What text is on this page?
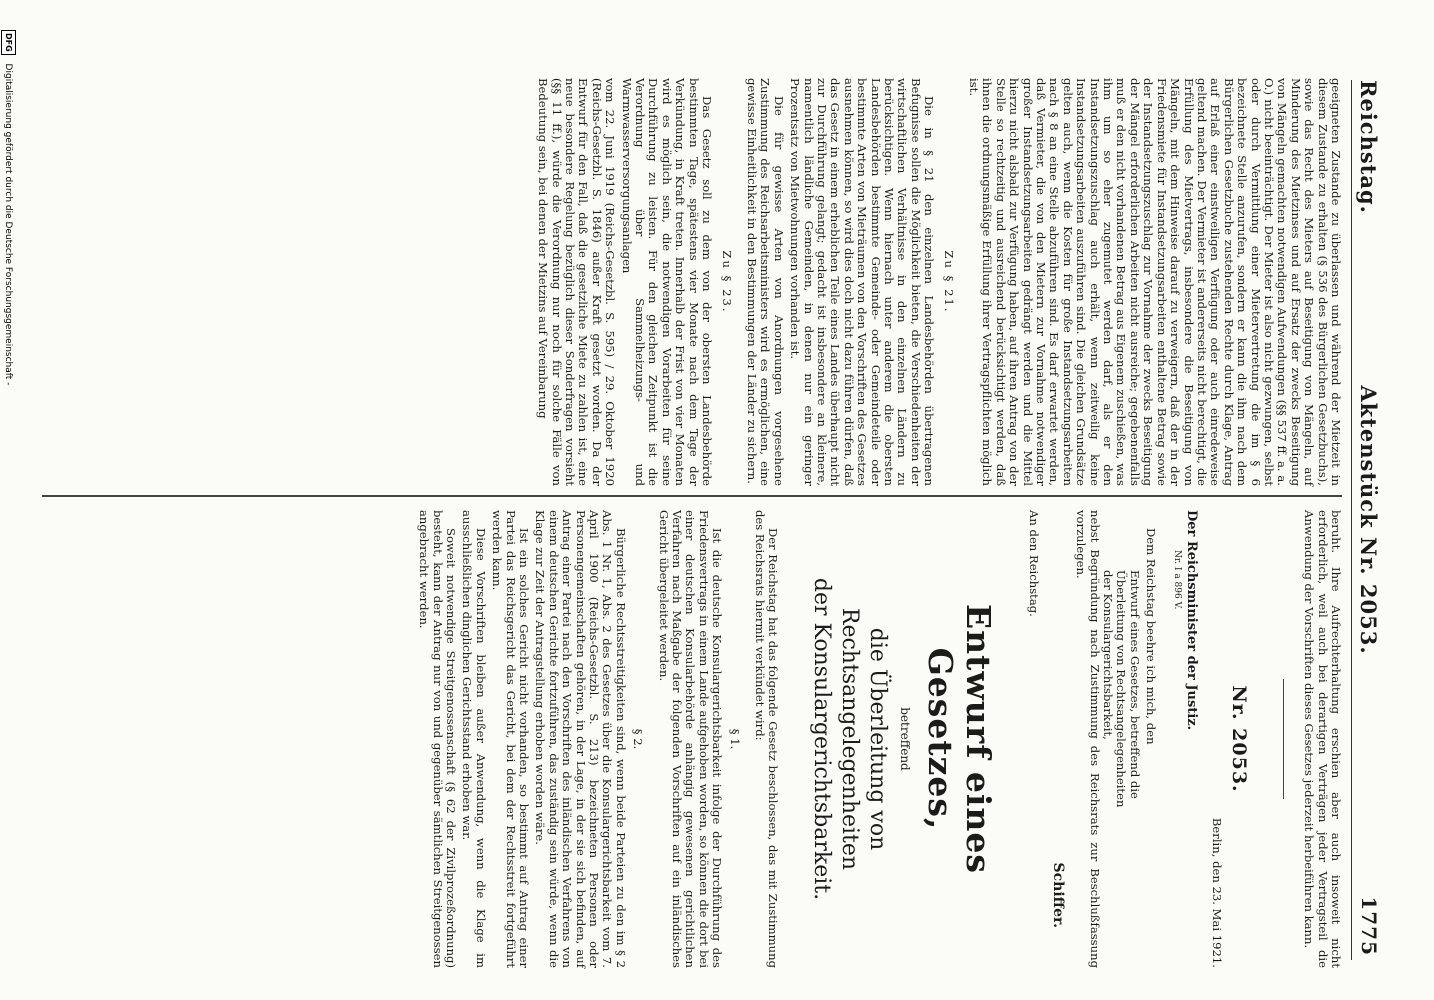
Reichstag.
Aktenstück Nr. 2053.
1775

geeigneten Zustande zu überlassen und während der Mietzeit in diesem Zustande zu erhalten (§ 536 des Bürgerlichen Gesetzbuchs), sowie das Recht des Mieters auf Beseitigung von Mängeln, auf Minderung des Mietzinses und auf Ersatz der zwecks Beseitigung von Mängeln gemachten notwendigen Aufwendungen (§§ 537 ff. a. a. O.) nicht beeinträchtigt. Der Mieter ist also nicht gezwungen, selbst oder durch Vermittlung einer Mietervertretung die im § 6 bezeichnete Stelle anzurufen, sondern er kann die ihm nach dem Bürgerlichen Gesetzbuche zustehenden Rechte durch Klage, Antrag auf Erlaß einer einstweiligen Verfügung oder auch einredeweise geltend machen. Der Vermieter ist andererseits nicht berechtigt, die Erfüllung des Mietvertrags, insbesondere die Beseitigung von Mängeln, mit dem Hinweise darauf zu verweigern, daß der in der Friedensmiete für Instandsetzungsarbeiten enthaltene Betrag sowie der Instandsetzungszuschlag zur Vornahme der zwecks Beseitigung der Mängel erforderlichen Arbeiten nicht ausreiche; gegebenenfalls muß er den nicht vorhandenen Betrag aus Eigenem zuschießen, was ihm um so eher zugemutet werden darf, als er den Instandsetzungszuschlag auch erhält, wenn zeitweilig keine Instandsetzungsarbeiten auszuführen sind. Die gleichen Grundsätze gelten auch, wenn die Kosten für große Instandsetzungsarbeiten nach § 8 an eine Stelle abzuführen sind. Es darf erwartet werden, daß Vermieter, die von den Mietern zur Vornahme notwendiger großer Instandsetzungsarbeiten gedrängt werden und die Mittel hierzu nicht alsbald zur Verfügung haben, auf ihren Antrag von der Stelle so rechtzeitig und ausreichend berücksichtigt werden, daß ihnen die ordnungsmäßige Erfüllung ihrer Vertragspflichten möglich ist.

Zu § 21.

Die in § 21 den einzelnen Landesbehörden übertragenen Befugnisse sollen die Möglichkeit bieten, die Verschiedenheiten der wirtschaftlichen Verhältnisse in den einzelnen Ländern zu berücksichtigen. Wenn hiernach unter anderem die obersten Landesbehörden bestimmte Gemeinde- oder Gemeindeteile oder bestimmte Arten von Mieträumen von den Vorschriften des Gesetzes ausnehmen können, so wird dies doch nicht dazu führen dürfen, daß das Gesetz in einem erheblichen Teile eines Landes überhaupt nicht zur Durchführung gelangt; gedacht ist insbesondere an kleinere, namentlich ländliche Gemeinden, in denen nur ein geringer Prozentsatz von Mietwohnungen vorhanden ist.

Die für gewisse Arten von Anordnungen vorgesehene Zustimmung des Reichsarbeitsministers wird es ermöglichen, eine gewisse Einheitlichkeit in den Bestimmungen der Länder zu sichern.

Zu § 23.

Das Gesetz soll zu dem von der obersten Landesbehörde bestimmten Tage, spätestens vier Monate nach dem Tage der Verkündung, in Kraft treten. Innerhalb der Frist von vier Monaten wird es möglich sein, die notwendigen Vorarbeiten für seine Durchführung zu leisten. Für den gleichen Zeitpunkt ist die Verordnung über Sammelheizungs- und Warmwasserversorgungsanlagen

vom 22. Juni 1919 (Reichs-Gesetzbl. S. 595) / 29. Oktober 1920 (Reichs-Gesetzbl. S. 1846) außer Kraft gesetzt worden. Da der Entwurf für den Fall, daß die gesetzliche Miete zu zahlen ist, eine neue besondere Regelung bezüglich dieser Sonderfragen vorsieht (§§ 11 ff.), würde die Verordnung nur noch für solche Fälle von Bedeutung sein, bei denen der Mietzins auf Vereinbarung

beruht. Ihre Aufrechterhaltung erschien aber auch insoweit nicht erforderlich, weil auch bei derartigen Verträgen jeder Vertragsteil die Anwendung der Vorschriften dieses Gesetzes jederzeit herbeiführen kann.

Nr. 2053.
Berlin, den 23. Mai 1921.
Der Reichsminister der Justiz.
Nr. I a 896 V.

Dem Reichstag beehre ich mich, den

Entwurf eines Gesetzes, betreffend die
Überleitung von Rechtsangelegenheiten
der Konsulargerichtsbarkeit,

nebst Begründung nach Zustimmung des Reichsrats zur Beschlußfassung vorzulegen.

Schiffer.

An den Reichstag.

Entwurf eines Gesetzes,
betreffend
die Überleitung von Rechtsangelegenheiten
der Konsulargerichtsbarkeit.

Der Reichstag hat das folgende Gesetz beschlossen, das mit Zustimmung des Reichsrats hiermit verkündet wird:

§ 1.

Ist die deutsche Konsulargerichtsbarkeit infolge der Durchführung des Friedensvertrags in einem Lande aufgehoben worden, so können die dort bei einer deutschen Konsularbehörde anhängig gewesenen gerichtlichen Verfahren nach Maßgabe der folgenden Vorschriften auf ein inländisches Gericht übergeleitet werden.

§ 2.

Bürgerliche Rechtsstreitigkeiten sind, wenn beide Parteien zu den im § 2 Abs. 1 Nr. 1, Abs. 2 des Gesetzes über die Konsulargerichtsbarkeit vom 7. April 1900 (Reichs-Gesetzbl. S. 213) bezeichneten Personen oder Personengemeinschaften gehören, in der Lage, in der sie sich befinden, auf Antrag einer Partei nach den Vorschriften des inländischen Verfahrens von einem deutschen Gerichte fortzuführen, das zuständig sein würde, wenn die Klage zur Zeit der Antragstellung erhoben worden wäre.

Ist ein solches Gericht nicht vorhanden, so bestimmt auf Antrag einer Partei das Reichsgericht das Gericht, bei dem der Rechtsstreit fortgeführt werden kann.

Diese Vorschriften bleiben außer Anwendung, wenn die Klage im ausschließlichen dinglichen Gerichtsstand erhoben war.

Soweit notwendige Streitgenossenschaft (§ 62 der Zivilprozeßordnung) besteht, kann der Antrag nur von und gegenüber sämtlichen Streitgenossen angebracht werden.

DFG Digitalisierung gefördert durch die Deutsche Forschungsgemeinschaft -
